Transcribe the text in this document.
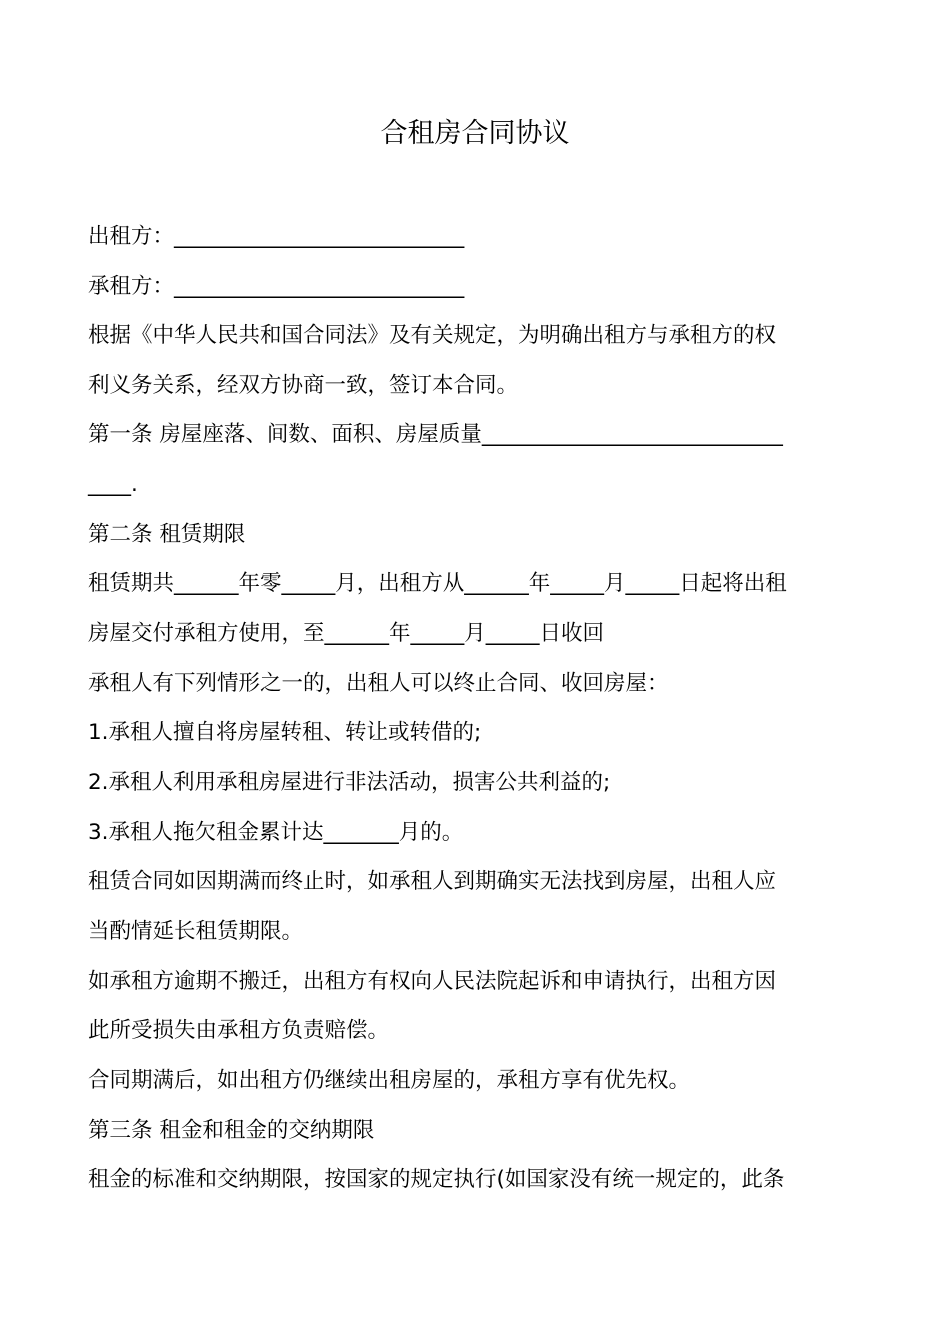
合租房合同协议
出租方：___________________________
承租方：___________________________
根据《中华人民共和国合同法》及有关规定，为明确出租方与承租方的权
利义务关系，经双方协商一致，签订本合同。
第一条 房屋座落、间数、面积、房屋质量____________________________
____.
第二条 租赁期限
租赁期共______年零_____月，出租方从______年_____月_____日起将出租
房屋交付承租方使用，至______年_____月_____日收回
承租人有下列情形之一的，出租人可以终止合同、收回房屋：
1.承租人擅自将房屋转租、转让或转借的;
2.承租人利用承租房屋进行非法活动，损害公共利益的;
3.承租人拖欠租金累计达_______月的。
租赁合同如因期满而终止时，如承租人到期确实无法找到房屋，出租人应
当酌情延长租赁期限。
如承租方逾期不搬迁，出租方有权向人民法院起诉和申请执行，出租方因
此所受损失由承租方负责赔偿。
合同期满后，如出租方仍继续出租房屋的，承租方享有优先权。
第三条 租金和租金的交纳期限
租金的标准和交纳期限，按国家的规定执行(如国家没有统一规定的，此条
